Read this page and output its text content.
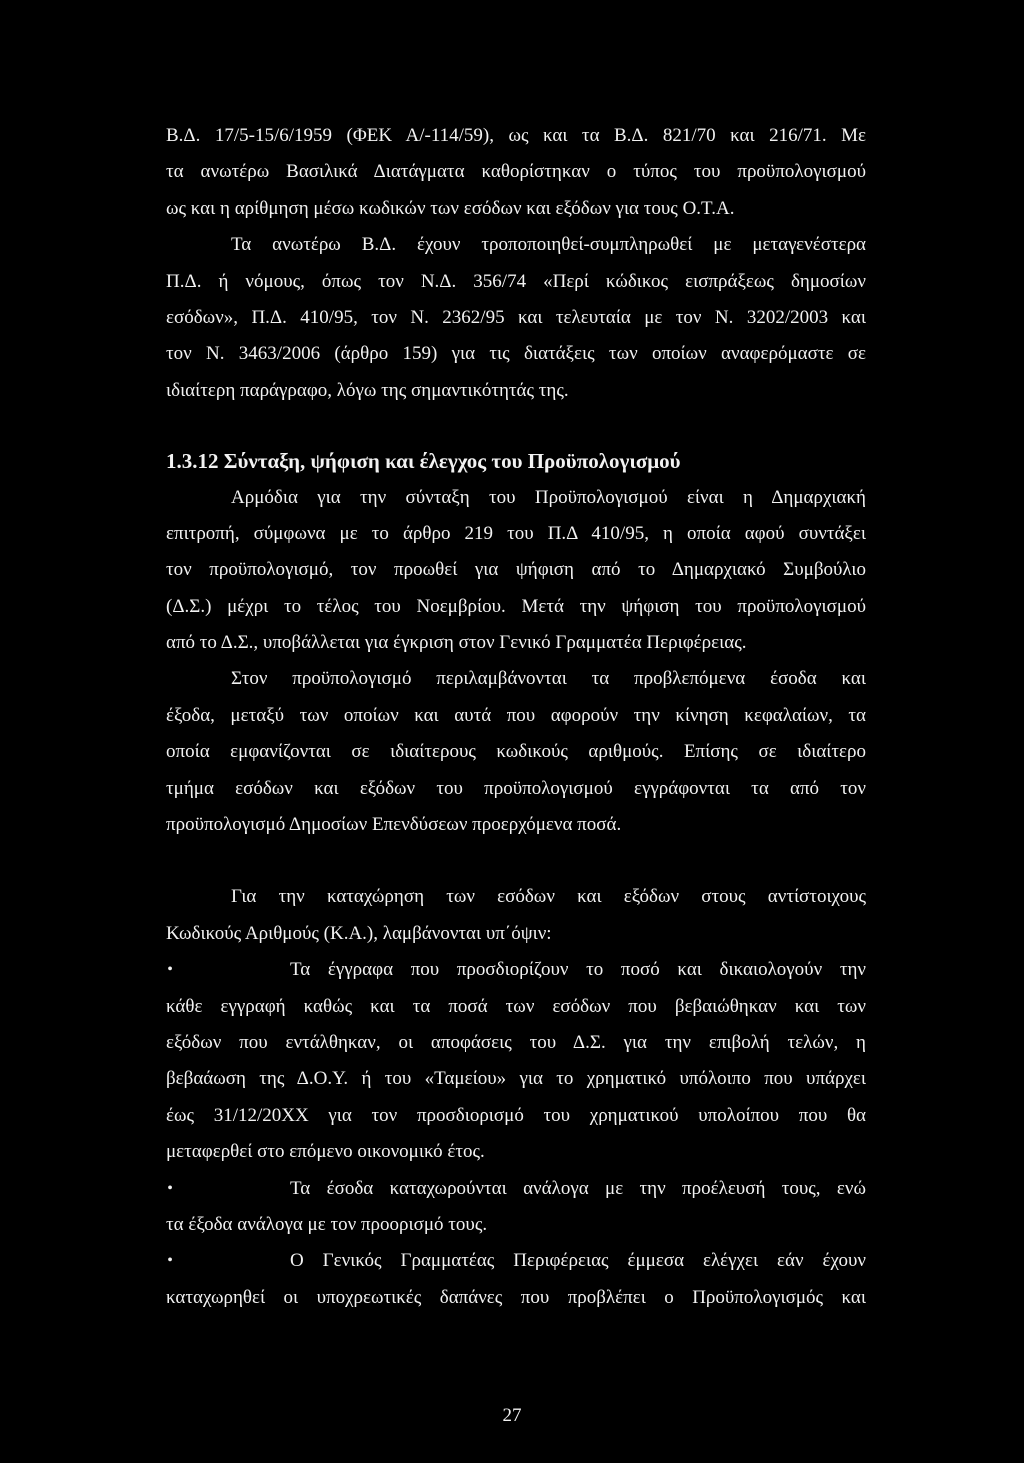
Β.Δ. 17/5-15/6/1959 (ΦΕΚ Α/-114/59), ως και τα Β.Δ. 821/70 και 216/71. Με
τα ανωτέρω Βασιλικά Διατάγματα καθορίστηκαν ο τύπος του προϋπολογισμού
ως και η αρίθμηση μέσω κωδικών των εσόδων και εξόδων για τους Ο.Τ.Α.
Τα ανωτέρω Β.Δ. έχουν τροποποιηθεί-συμπληρωθεί με μεταγενέστερα
Π.Δ. ή νόμους, όπως τον Ν.Δ. 356/74 «Περί κώδικος εισπράξεως δημοσίων
εσόδων», Π.Δ. 410/95, τον Ν. 2362/95 και τελευταία με τον Ν. 3202/2003 και
τον Ν. 3463/2006 (άρθρο 159) για τις διατάξεις των οποίων αναφερόμαστε σε
ιδιαίτερη παράγραφο, λόγω της σημαντικότητάς της.
1.3.12 Σύνταξη, ψήφιση και έλεγχος του Προϋπολογισμού
Αρμόδια για την σύνταξη του Προϋπολογισμού είναι η Δημαρχιακή
επιτροπή, σύμφωνα με το άρθρο 219 του Π.Δ 410/95, η οποία αφού συντάξει
τον προϋπολογισμό, τον προωθεί για ψήφιση από το Δημαρχιακό Συμβούλιο
(Δ.Σ.) μέχρι το τέλος του Νοεμβρίου. Μετά την ψήφιση του προϋπολογισμού
από το Δ.Σ., υποβάλλεται για έγκριση στον Γενικό Γραμματέα Περιφέρειας.
Στον προϋπολογισμό περιλαμβάνονται τα προβλεπόμενα έσοδα και
έξοδα, μεταξύ των οποίων και αυτά που αφορούν την κίνηση κεφαλαίων, τα
οποία εμφανίζονται σε ιδιαίτερους κωδικούς αριθμούς. Επίσης σε ιδιαίτερο
τμήμα εσόδων και εξόδων του προϋπολογισμού εγγράφονται τα από τον
προϋπολογισμό Δημοσίων Επενδύσεων προερχόμενα ποσά.
Για την καταχώρηση των εσόδων και εξόδων στους αντίστοιχους
Κωδικούς Αριθμούς (Κ.Α.), λαμβάνονται υπ΄όψιν:
•	Τα έγγραφα που προσδιορίζουν το ποσό και δικαιολογούν την
κάθε εγγραφή καθώς και τα ποσά των εσόδων που βεβαιώθηκαν και των
εξόδων που εντάλθηκαν, οι αποφάσεις του Δ.Σ. για την επιβολή τελών, η
βεβαάωση της Δ.Ο.Υ. ή του «Ταμείου» για το χρηματικό υπόλοιπο που υπάρχει
έως 31/12/20ΧΧ για τον προσδιορισμό του χρηματικού υπολοίπου που θα
μεταφερθεί στο επόμενο οικονομικό έτος.
•	Τα έσοδα καταχωρούνται ανάλογα με την προέλευσή τους, ενώ
τα έξοδα ανάλογα με τον προορισμό τους.
•	Ο Γενικός Γραμματέας Περιφέρειας έμμεσα ελέγχει εάν έχουν
καταχωρηθεί οι υποχρεωτικές δαπάνες που προβλέπει ο Προϋπολογισμός και
27
